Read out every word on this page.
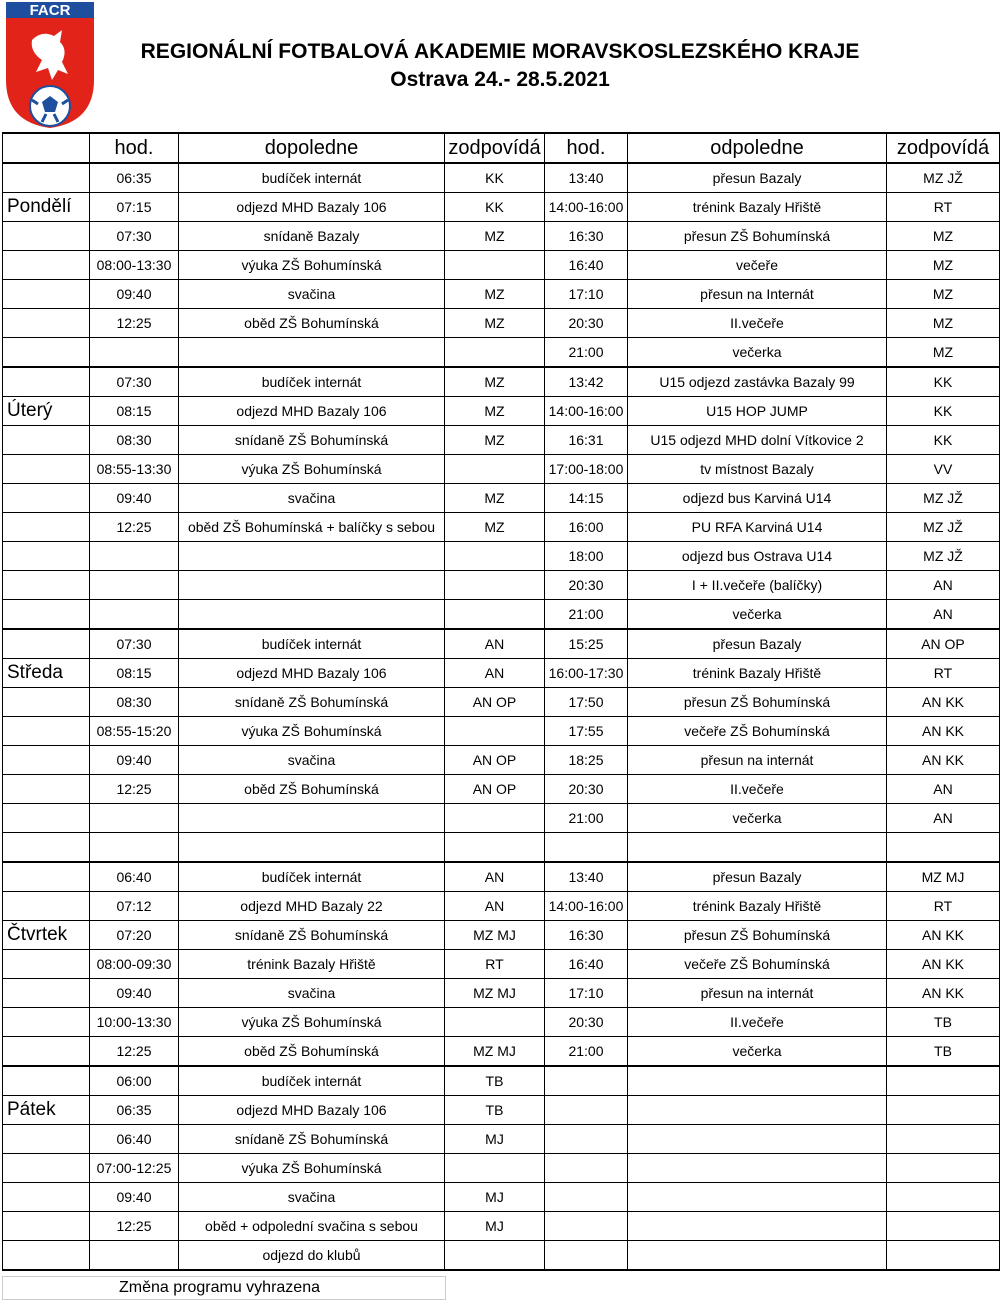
FACR
REGIONÁLNÍ FOTBALOVÁ AKADEMIE MORAVSKOSLEZSKÉHO KRAJE
Ostrava 24.- 28.5.2021
	hod.	dopoledne	zodpovídá	hod.	odpoledne	zodpovídá
	06:35	budíček internát	KK	13:40	přesun Bazaly	MZ JŽ
Pondělí	07:15	odjezd MHD Bazaly 106	KK	14:00-16:00	trénink Bazaly Hřiště	RT
	07:30	snídaně Bazaly	MZ	16:30	přesun ZŠ Bohumínská	MZ
	08:00-13:30	výuka ZŠ Bohumínská		16:40	večeře	MZ
	09:40	svačina	MZ	17:10	přesun na Internát	MZ
	12:25	oběd ZŠ Bohumínská	MZ	20:30	II.večeře	MZ
				21:00	večerka	MZ
	07:30	budíček internát	MZ	13:42	U15 odjezd zastávka Bazaly 99	KK
Úterý	08:15	odjezd MHD Bazaly 106	MZ	14:00-16:00	U15 HOP JUMP	KK
	08:30	snídaně ZŠ Bohumínská	MZ	16:31	U15 odjezd MHD dolní Vítkovice 2	KK
	08:55-13:30	výuka ZŠ Bohumínská		17:00-18:00	tv místnost Bazaly	VV
	09:40	svačina	MZ	14:15	odjezd bus Karviná U14	MZ JŽ
	12:25	oběd ZŠ Bohumínská + balíčky s sebou	MZ	16:00	PU RFA Karviná U14	MZ JŽ
				18:00	odjezd bus Ostrava U14	MZ JŽ
				20:30	I + II.večeře (balíčky)	AN
				21:00	večerka	AN
	07:30	budíček internát	AN	15:25	přesun Bazaly	AN OP
Středa	08:15	odjezd MHD Bazaly 106	AN	16:00-17:30	trénink Bazaly Hřiště	RT
	08:30	snídaně ZŠ Bohumínská	AN OP	17:50	přesun ZŠ Bohumínská	AN KK
	08:55-15:20	výuka ZŠ Bohumínská		17:55	večeře ZŠ Bohumínská	AN KK
	09:40	svačina	AN OP	18:25	přesun na internát	AN KK
	12:25	oběd ZŠ Bohumínská	AN OP	20:30	II.večeře	AN
				21:00	večerka	AN

	06:40	budíček internát	AN	13:40	přesun Bazaly	MZ MJ
	07:12	odjezd MHD Bazaly 22	AN	14:00-16:00	trénink Bazaly Hřiště	RT
Čtvrtek	07:20	snídaně ZŠ Bohumínská	MZ MJ	16:30	přesun ZŠ Bohumínská	AN KK
	08:00-09:30	trénink Bazaly Hřiště	RT	16:40	večeře ZŠ Bohumínská	AN KK
	09:40	svačina	MZ MJ	17:10	přesun na internát	AN KK
	10:00-13:30	výuka ZŠ Bohumínská		20:30	II.večeře	TB
	12:25	oběd ZŠ Bohumínská	MZ MJ	21:00	večerka	TB
	06:00	budíček internát	TB			
Pátek	06:35	odjezd MHD Bazaly 106	TB			
	06:40	snídaně ZŠ Bohumínská	MJ			
	07:00-12:25	výuka ZŠ Bohumínská				
	09:40	svačina	MJ			
	12:25	oběd + odpolední svačina s sebou	MJ			
		odjezd do klubů				
Změna programu vyhrazena
